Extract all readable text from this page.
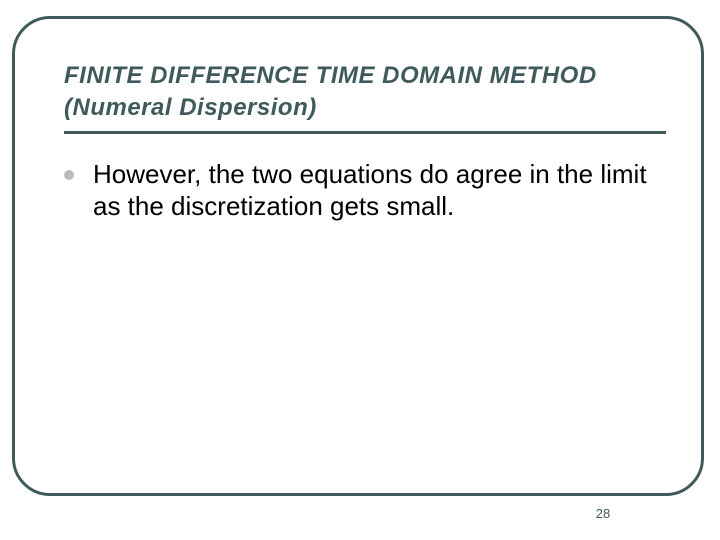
FINITE DIFFERENCE TIME DOMAIN METHOD (Numeral Dispersion)
However, the two equations do agree in the limit as the discretization gets small.
28
